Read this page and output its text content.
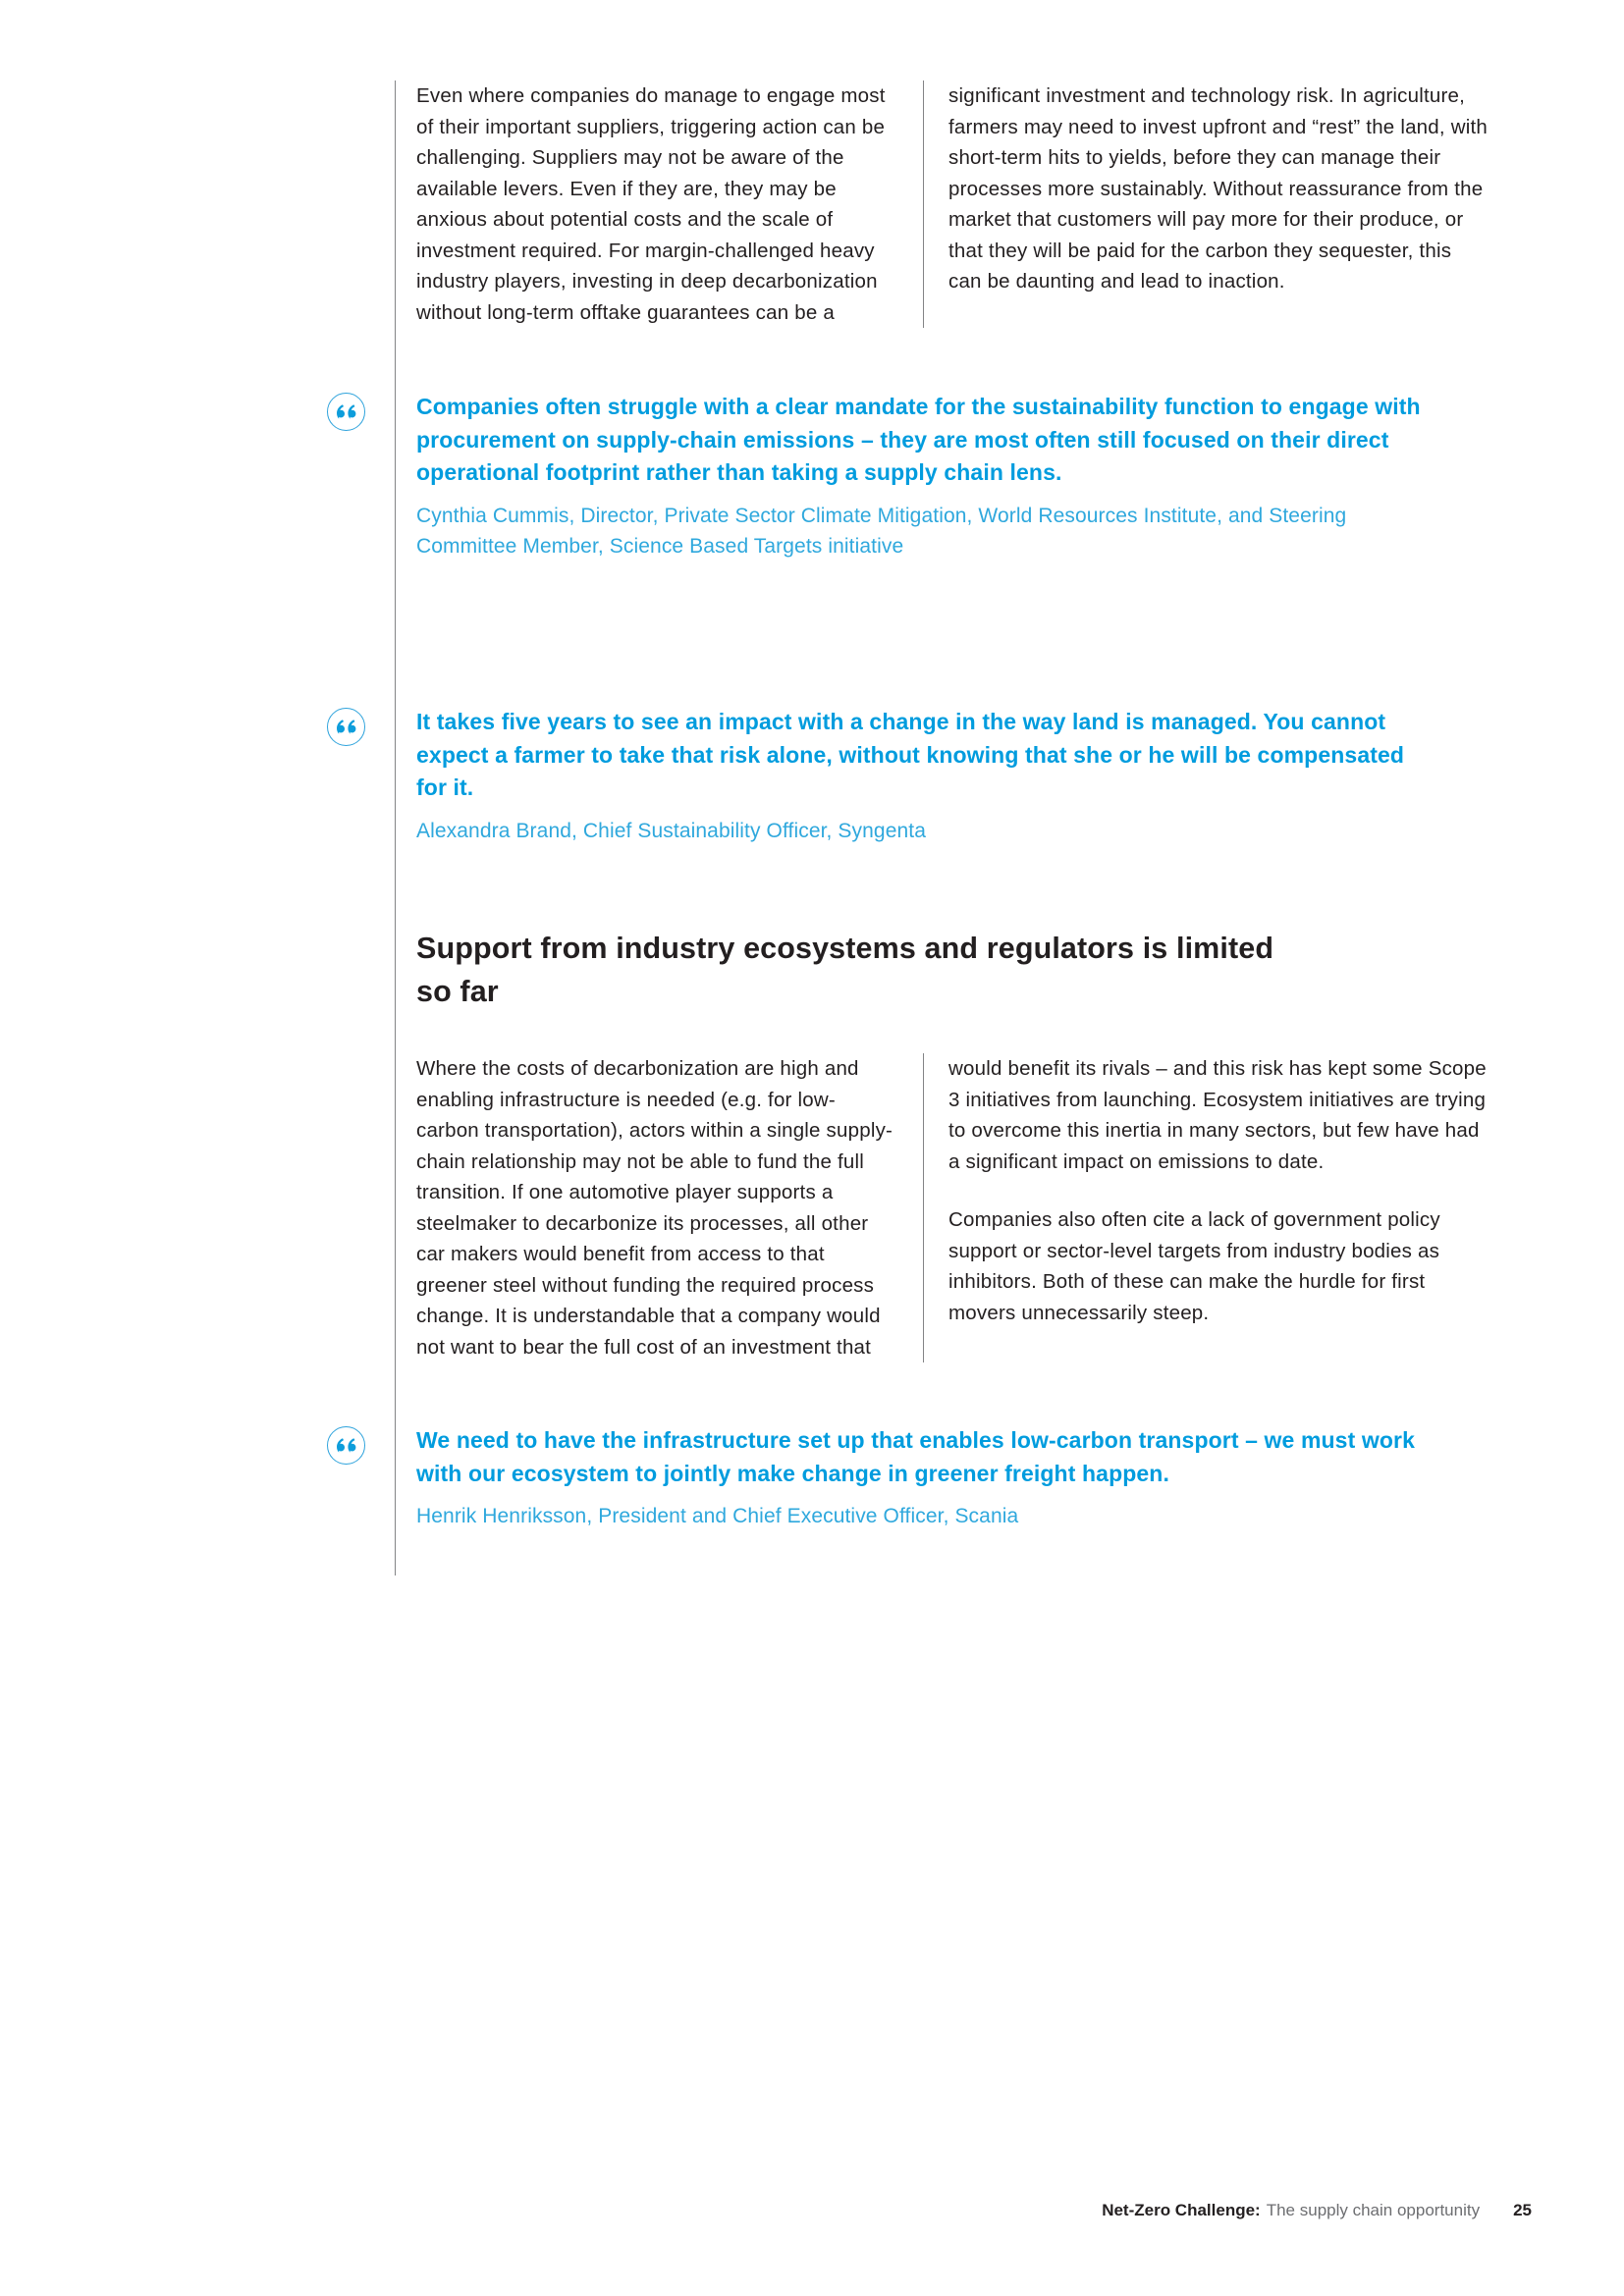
Even where companies do manage to engage most of their important suppliers, triggering action can be challenging. Suppliers may not be aware of the available levers. Even if they are, they may be anxious about potential costs and the scale of investment required. For margin-challenged heavy industry players, investing in deep decarbonization without long-term offtake guarantees can be a

significant investment and technology risk. In agriculture, farmers may need to invest upfront and “rest” the land, with short-term hits to yields, before they can manage their processes more sustainably. Without reassurance from the market that customers will pay more for their produce, or that they will be paid for the carbon they sequester, this can be daunting and lead to inaction.

Companies often struggle with a clear mandate for the sustainability function to engage with procurement on supply-chain emissions – they are most often still focused on their direct operational footprint rather than taking a supply chain lens.
Cynthia Cummis, Director, Private Sector Climate Mitigation, World Resources Institute, and Steering Committee Member, Science Based Targets initiative
It takes five years to see an impact with a change in the way land is managed. You cannot expect a farmer to take that risk alone, without knowing that she or he will be compensated for it.
Alexandra Brand, Chief Sustainability Officer, Syngenta
Support from industry ecosystems and regulators is limited so far

Where the costs of decarbonization are high and enabling infrastructure is needed (e.g. for low-carbon transportation), actors within a single supply-chain relationship may not be able to fund the full transition. If one automotive player supports a steelmaker to decarbonize its processes, all other car makers would benefit from access to that greener steel without funding the required process change. It is understandable that a company would not want to bear the full cost of an investment that

would benefit its rivals – and this risk has kept some Scope 3 initiatives from launching. Ecosystem initiatives are trying to overcome this inertia in many sectors, but few have had a significant impact on emissions to date.

Companies also often cite a lack of government policy support or sector-level targets from industry bodies as inhibitors. Both of these can make the hurdle for first movers unnecessarily steep.

We need to have the infrastructure set up that enables low-carbon transport – we must work with our ecosystem to jointly make change in greener freight happen.
Henrik Henriksson, President and Chief Executive Officer, Scania
Net-Zero Challenge: The supply chain opportunity 25
